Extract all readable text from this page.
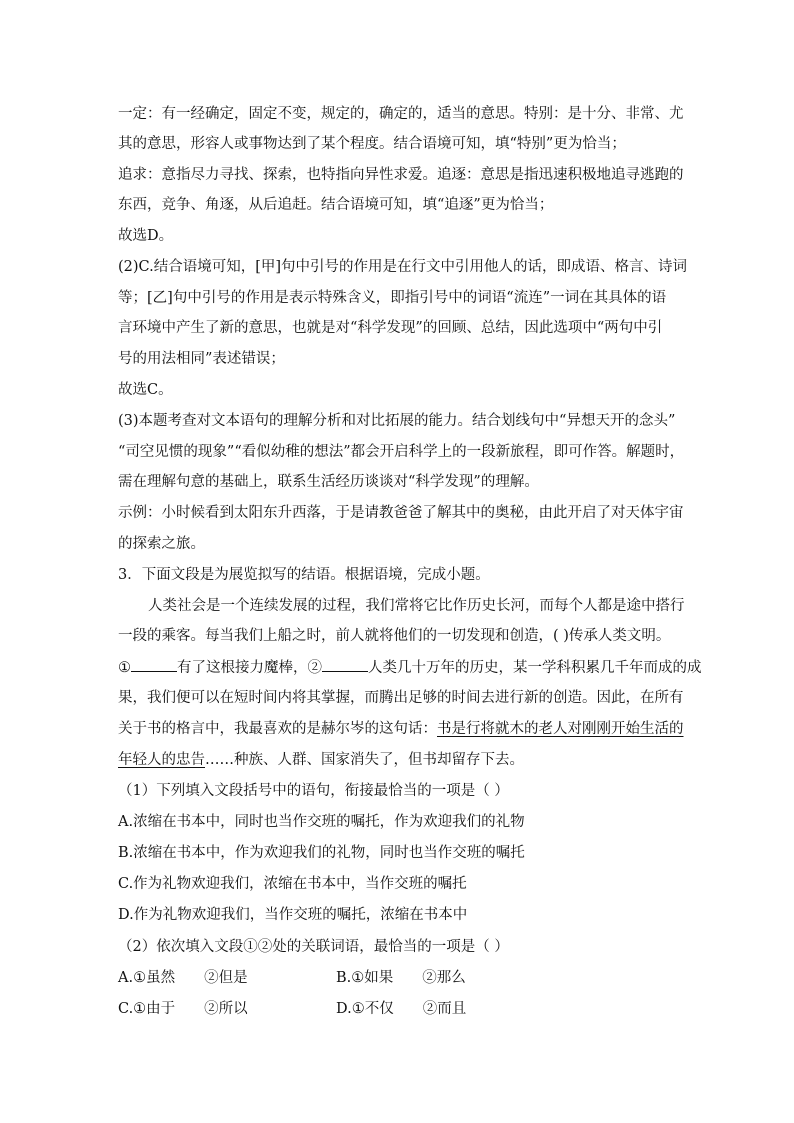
一定：有一经确定，固定不变，规定的，确定的，适当的意思。特别：是十分、非常、尤
其的意思，形容人或事物达到了某个程度。结合语境可知，填“特别”更为恰当；
追求：意指尽力寻找、探索，也特指向异性求爱。追逐：意思是指迅速积极地追寻逃跑的
东西，竞争、角逐，从后追赶。结合语境可知，填“追逐”更为恰当；
故选D。
(2)C.结合语境可知，[甲]句中引号的作用是在行文中引用他人的话，即成语、格言、诗词
等；[乙]句中引号的作用是表示特殊含义，即指引号中的词语“流连”一词在其具体的语
言环境中产生了新的意思，也就是对“科学发现”的回顾、总结，因此选项中“两句中引
号的用法相同”表述错误；
故选C。
(3)本题考查对文本语句的理解分析和对比拓展的能力。结合划线句中“异想天开的念头”
“司空见惯的现象”“看似幼稚的想法”都会开启科学上的一段新旅程，即可作答。解题时，
需在理解句意的基础上，联系生活经历谈谈对“科学发现”的理解。
示例：小时候看到太阳东升西落，于是请教爸爸了解其中的奥秘，由此开启了对天体宇宙
的探索之旅。
3．下面文段是为展览拟写的结语。根据语境，完成小题。
人类社会是一个连续发展的过程，我们常将它比作历史长河，而每个人都是途中搭行
一段的乘客。每当我们上船之时，前人就将他们的一切发现和创造，( )传承人类文明。
①	有了这根接力魔棒，②	人类几十万年的历史，某一学科积累几千年而成的成
果，我们便可以在短时间内将其掌握，而腾出足够的时间去进行新的创造。因此，在所有
关于书的格言中，我最喜欢的是赫尔岑的这句话：书是行将就木的老人对刚刚开始生活的
年轻人的忠告……种族、人群、国家消失了，但书却留存下去。
（1）下列填入文段括号中的语句，衔接最恰当的一项是（ ）
A.浓缩在书本中，同时也当作交班的嘱托，作为欢迎我们的礼物
B.浓缩在书本中，作为欢迎我们的礼物，同时也当作交班的嘱托
C.作为礼物欢迎我们，浓缩在书本中，当作交班的嘱托
D.作为礼物欢迎我们，当作交班的嘱托，浓缩在书本中
（2）依次填入文段①②处的关联词语，最恰当的一项是（ ）
A.①虽然　　②但是	B.①如果　　②那么
C.①由于　　②所以	D.①不仅　　②而且
